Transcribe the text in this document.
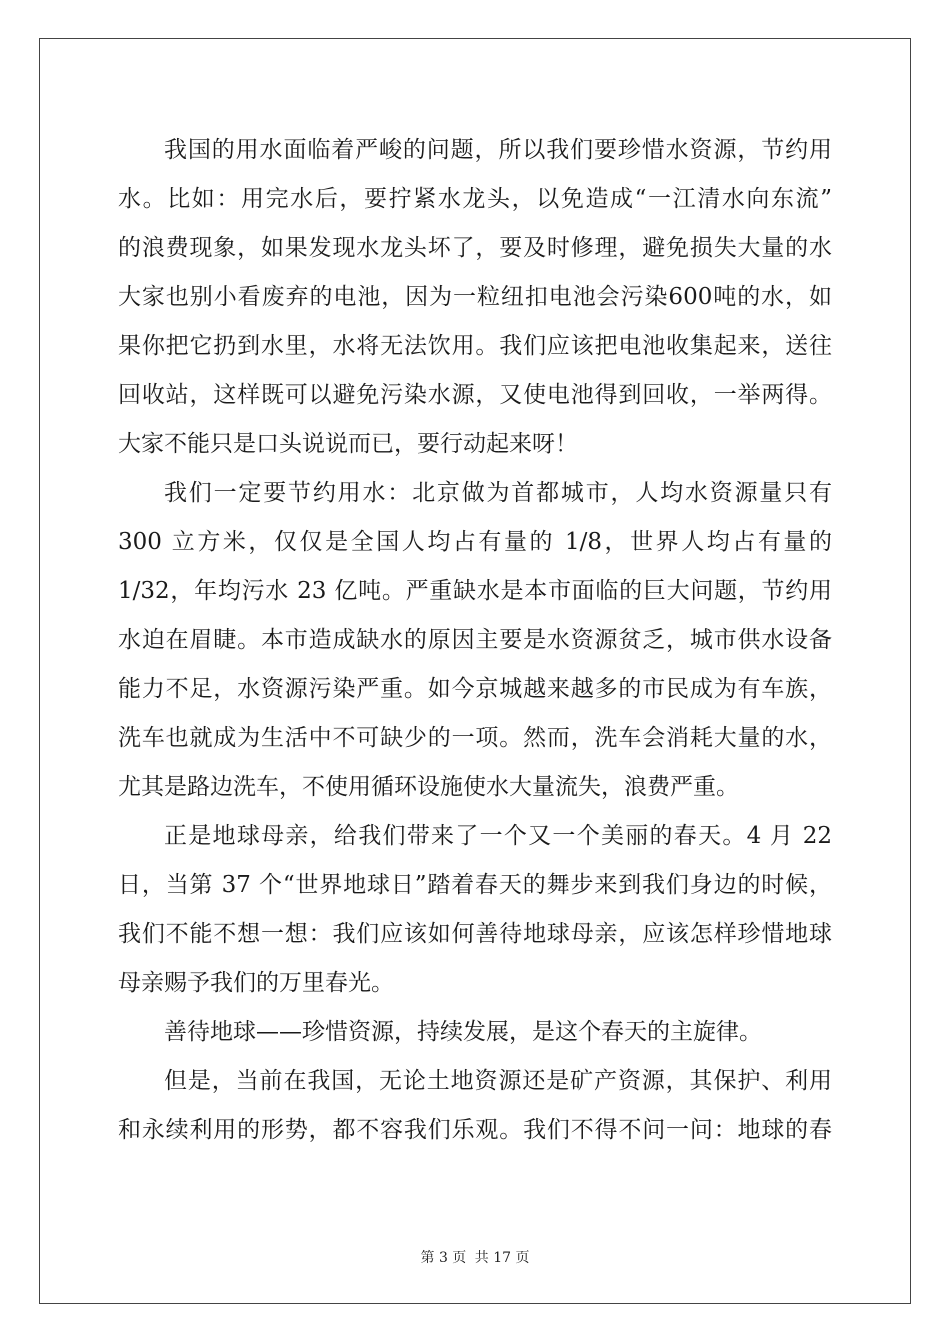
我国的用水面临着严峻的问题，所以我们要珍惜水资源，节约用
水。比如：用完水后，要拧紧水龙头，以免造成“一江清水向东流”
的浪费现象，如果发现水龙头坏了，要及时修理，避免损失大量的水
大家也别小看废弃的电池，因为一粒纽扣电池会污染600吨的水，如
果你把它扔到水里，水将无法饮用。我们应该把电池收集起来，送往
回收站，这样既可以避免污染水源，又使电池得到回收，一举两得。
大家不能只是口头说说而已，要行动起来呀！
我们一定要节约用水：北京做为首都城市，人均水资源量只有
300 立方米，仅仅是全国人均占有量的 1/8，世界人均占有量的
1/32，年均污水 23 亿吨。严重缺水是本市面临的巨大问题，节约用
水迫在眉睫。本市造成缺水的原因主要是水资源贫乏，城市供水设备
能力不足，水资源污染严重。如今京城越来越多的市民成为有车族，
洗车也就成为生活中不可缺少的一项。然而，洗车会消耗大量的水，
尤其是路边洗车，不使用循环设施使水大量流失，浪费严重。
正是地球母亲，给我们带来了一个又一个美丽的春天。4 月 22
日，当第 37 个“世界地球日”踏着春天的舞步来到我们身边的时候，
我们不能不想一想：我们应该如何善待地球母亲，应该怎样珍惜地球
母亲赐予我们的万里春光。
善待地球——珍惜资源，持续发展，是这个春天的主旋律。
但是，当前在我国，无论土地资源还是矿产资源，其保护、利用
和永续利用的形势，都不容我们乐观。我们不得不问一问：地球的春
第 3 页 共 17 页
